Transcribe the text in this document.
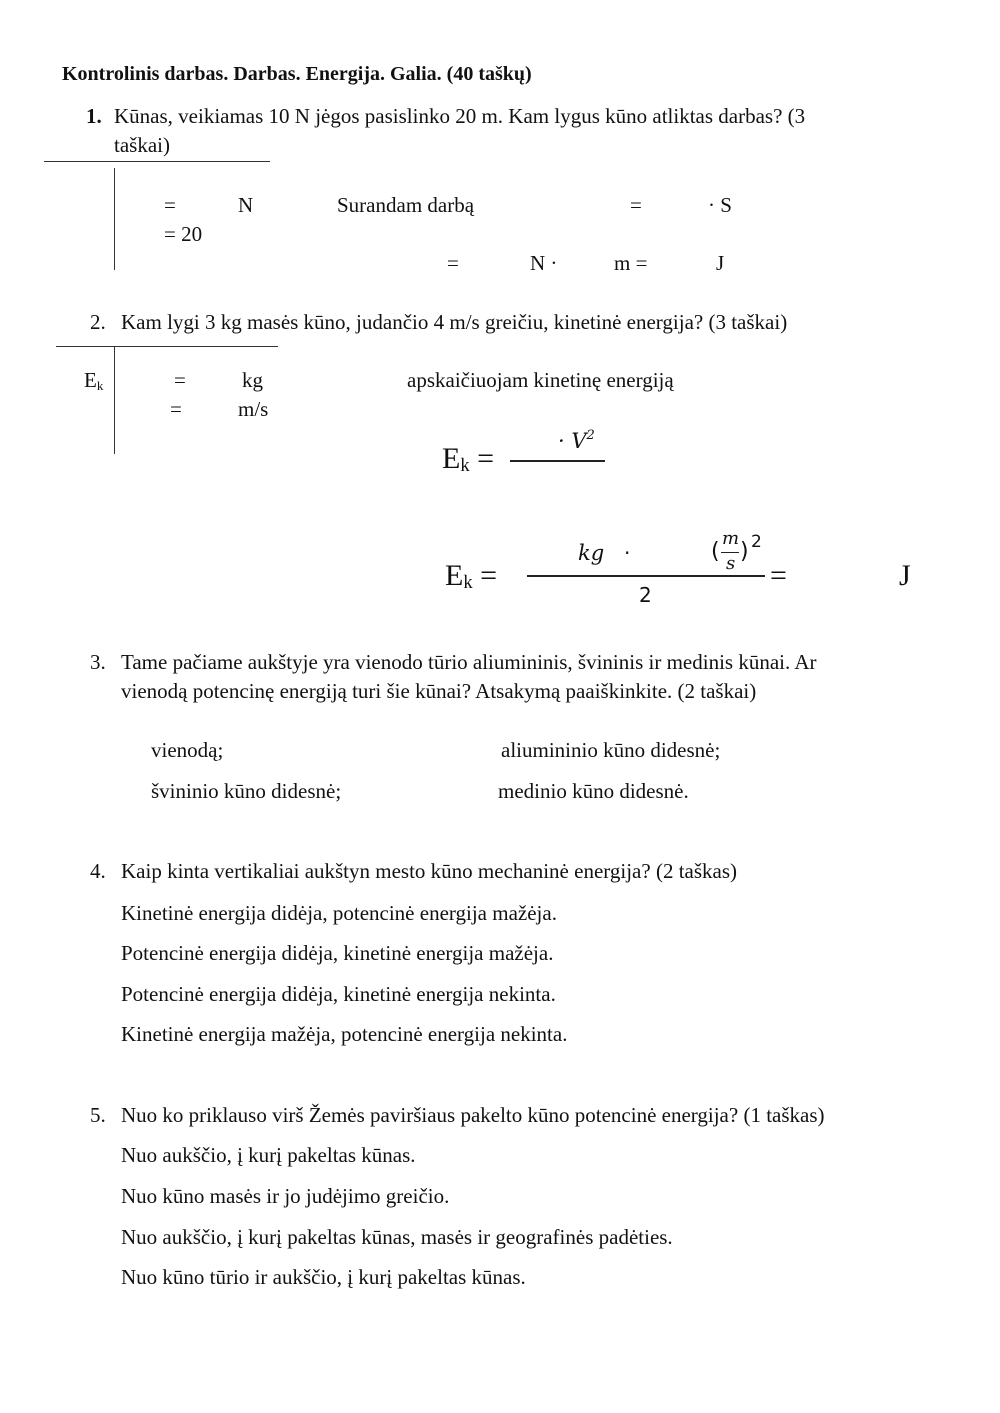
Kontrolinis darbas. Darbas. Energija. Galia. (40 taškų)
1. Kūnas, veikiamas 10 N jėgos pasislinko 20 m. Kam lygus kūno atliktas darbas? (3
taškai)
=	N
= 20
Surandam darbą	=	· S
=	N ·	m =	J
2. Kam lygi 3 kg masės kūno, judančio 4 m/s greičiu, kinetinė energija? (3 taškai)
$E_k$	=	kg
=	m/s
apskaičiuojam kinetinę energiją
$E_k$ =
· $V^2$
$E_k$ =
kg ·	(
m
s ) 2
2
=	J
3. Tame pačiame aukštyje yra vienodo tūrio aliumininis, švininis ir medinis kūnai. Ar
vienodą potencinę energiją turi šie kūnai? Atsakymą paaiškinkite. (2 taškai)
vienodą;	aliumininio kūno didesnė;
švininio kūno didesnė;	medinio kūno didesnė.
4. Kaip kinta vertikaliai aukštyn mesto kūno mechaninė energija? (2 taškas)
Kinetinė energija didėja, potencinė energija mažėja.
Potencinė energija didėja, kinetinė energija mažėja.
Potencinė energija didėja, kinetinė energija nekinta.
Kinetinė energija mažėja, potencinė energija nekinta.
5. Nuo ko priklauso virš Žemės paviršiaus pakelto kūno potencinė energija? (1 taškas)
Nuo aukščio, į kurį pakeltas kūnas.
Nuo kūno masės ir jo judėjimo greičio.
Nuo aukščio, į kurį pakeltas kūnas, masės ir geografinės padėties.
Nuo kūno tūrio ir aukščio, į kurį pakeltas kūnas.
